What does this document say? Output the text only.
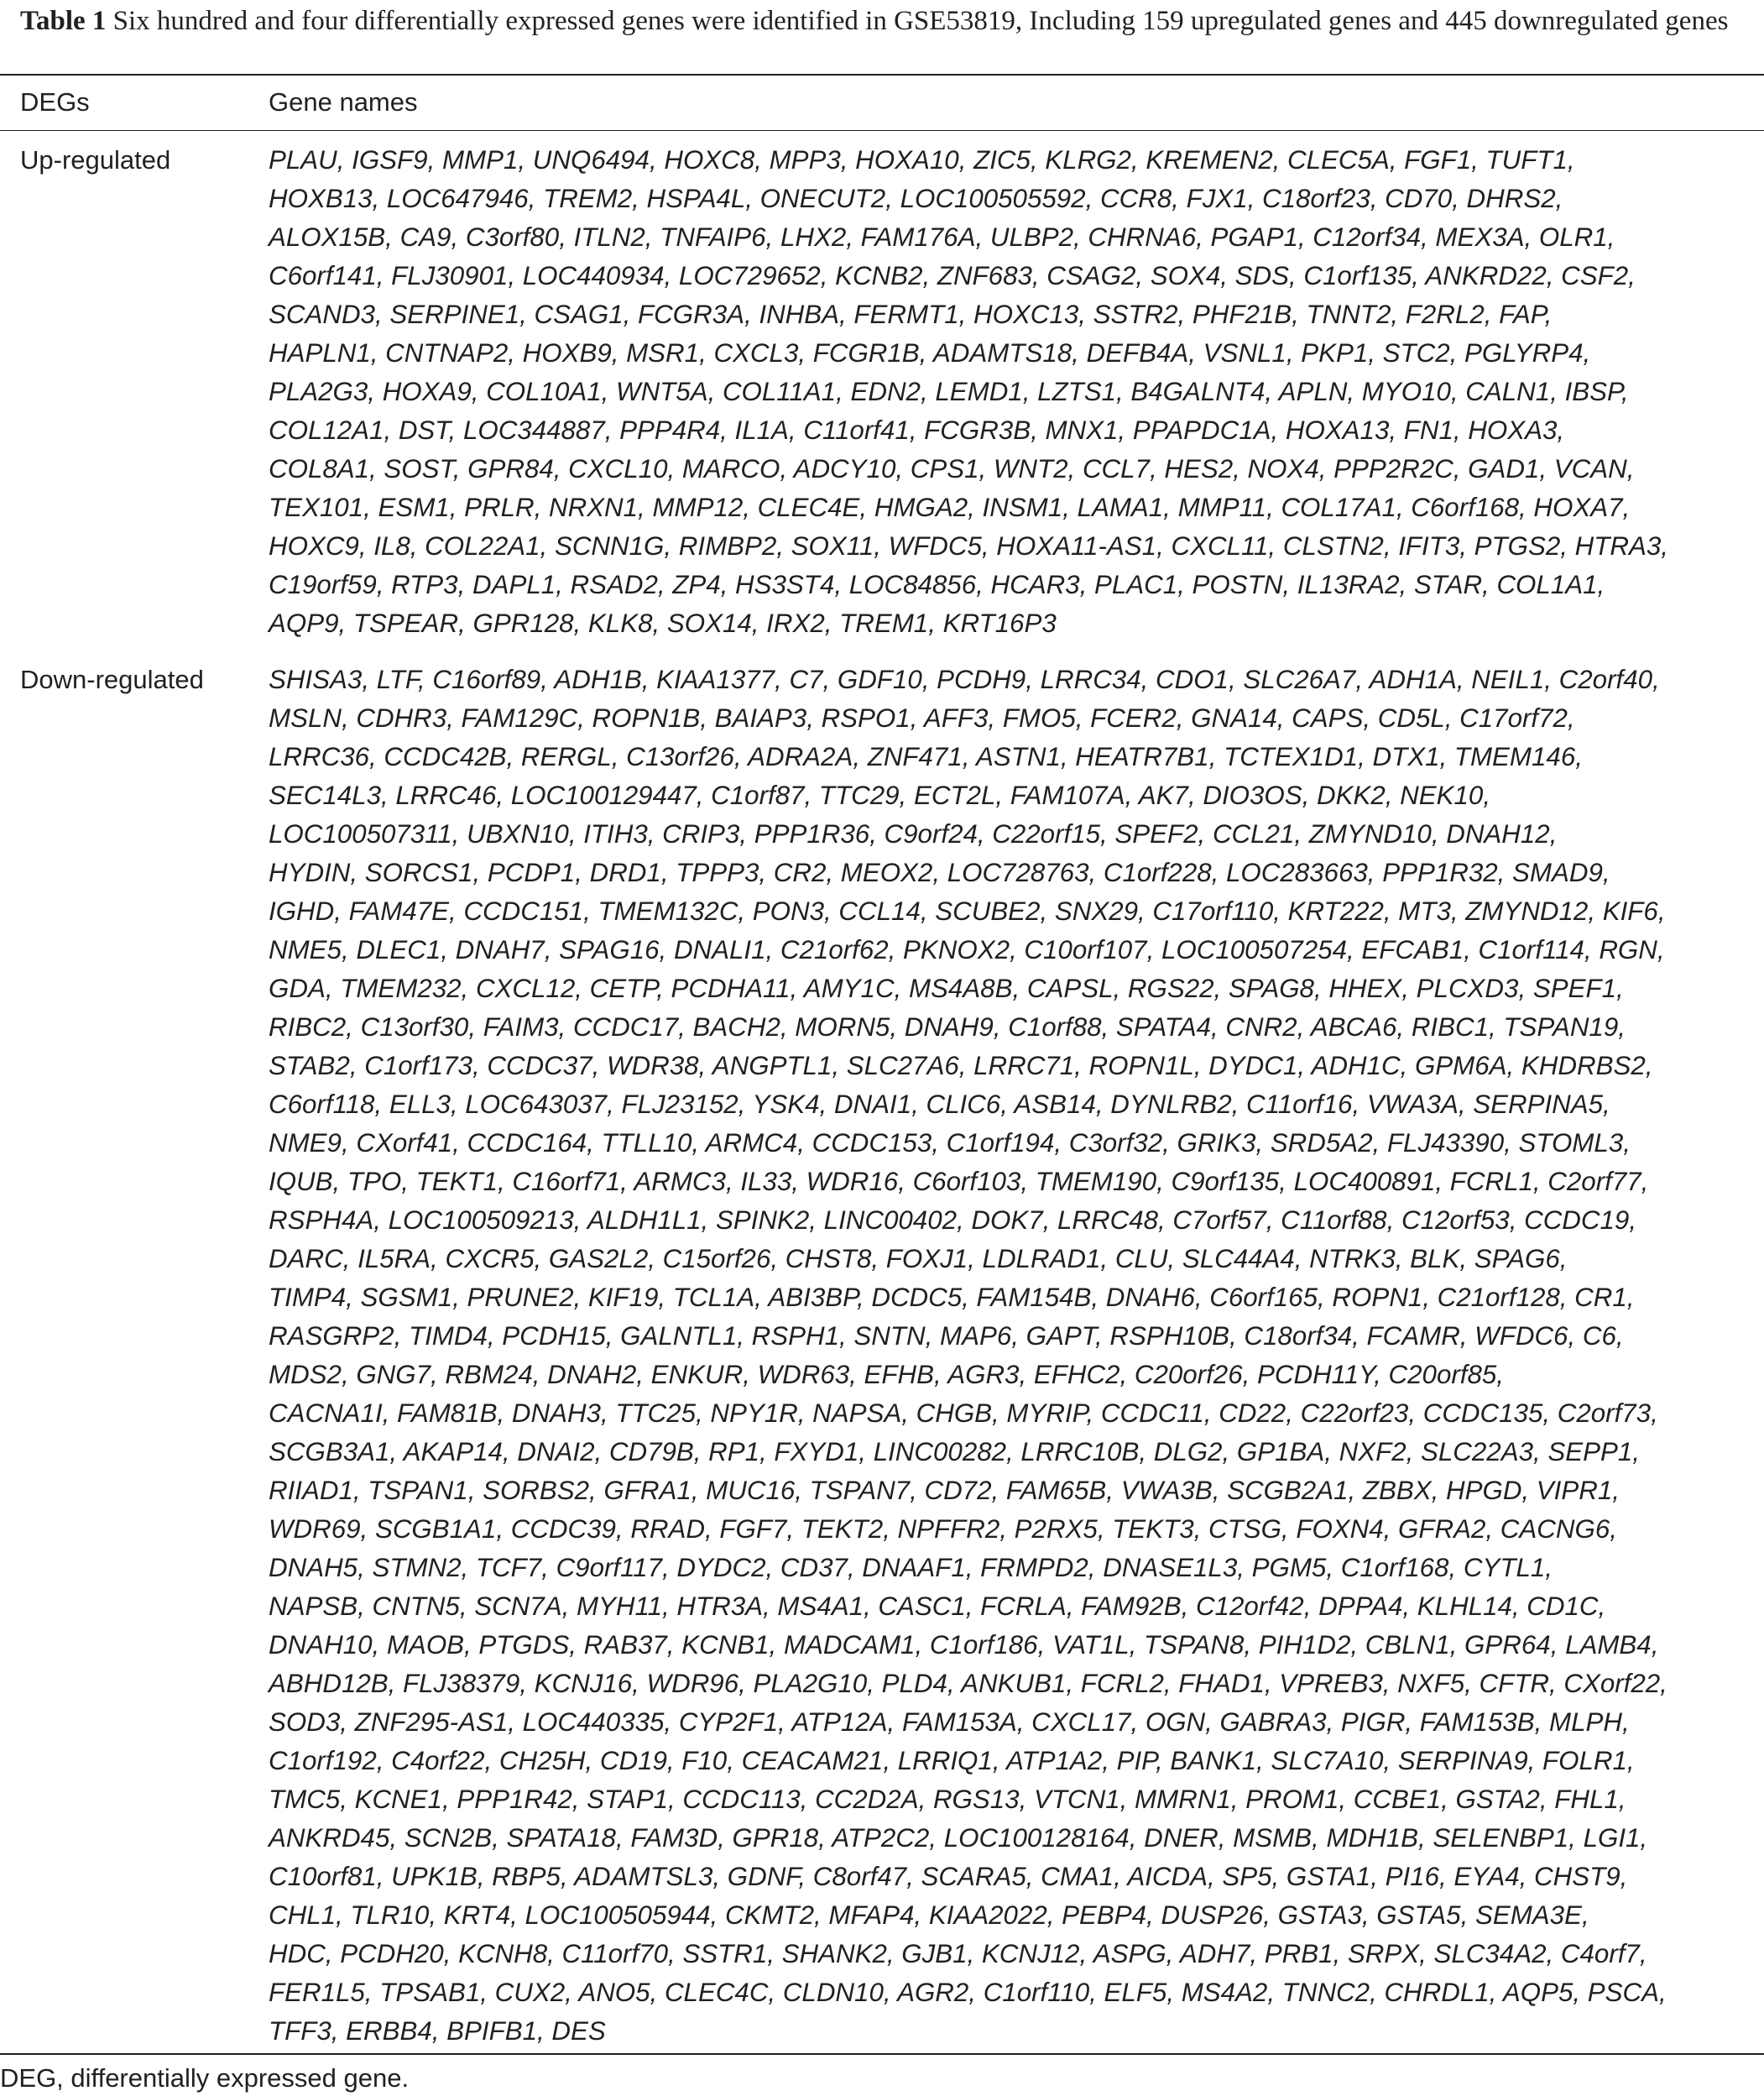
Table 1 Six hundred and four differentially expressed genes were identified in GSE53819, Including 159 upregulated genes and 445 downregulated genes
DEGs	Gene names
Up-regulated	PLAU, IGSF9, MMP1, UNQ6494, HOXC8, MPP3, HOXA10, ZIC5, KLRG2, KREMEN2, CLEC5A, FGF1, TUFT1,
HOXB13, LOC647946, TREM2, HSPA4L, ONECUT2, LOC100505592, CCR8, FJX1, C18orf23, CD70, DHRS2,
ALOX15B, CA9, C3orf80, ITLN2, TNFAIP6, LHX2, FAM176A, ULBP2, CHRNA6, PGAP1, C12orf34, MEX3A, OLR1,
C6orf141, FLJ30901, LOC440934, LOC729652, KCNB2, ZNF683, CSAG2, SOX4, SDS, C1orf135, ANKRD22, CSF2,
SCAND3, SERPINE1, CSAG1, FCGR3A, INHBA, FERMT1, HOXC13, SSTR2, PHF21B, TNNT2, F2RL2, FAP,
HAPLN1, CNTNAP2, HOXB9, MSR1, CXCL3, FCGR1B, ADAMTS18, DEFB4A, VSNL1, PKP1, STC2, PGLYRP4,
PLA2G3, HOXA9, COL10A1, WNT5A, COL11A1, EDN2, LEMD1, LZTS1, B4GALNT4, APLN, MYO10, CALN1, IBSP,
COL12A1, DST, LOC344887, PPP4R4, IL1A, C11orf41, FCGR3B, MNX1, PPAPDC1A, HOXA13, FN1, HOXA3,
COL8A1, SOST, GPR84, CXCL10, MARCO, ADCY10, CPS1, WNT2, CCL7, HES2, NOX4, PPP2R2C, GAD1, VCAN,
TEX101, ESM1, PRLR, NRXN1, MMP12, CLEC4E, HMGA2, INSM1, LAMA1, MMP11, COL17A1, C6orf168, HOXA7,
HOXC9, IL8, COL22A1, SCNN1G, RIMBP2, SOX11, WFDC5, HOXA11-AS1, CXCL11, CLSTN2, IFIT3, PTGS2, HTRA3,
C19orf59, RTP3, DAPL1, RSAD2, ZP4, HS3ST4, LOC84856, HCAR3, PLAC1, POSTN, IL13RA2, STAR, COL1A1,
AQP9, TSPEAR, GPR128, KLK8, SOX14, IRX2, TREM1, KRT16P3
Down-regulated SHISA3, LTF, C16orf89, ADH1B, KIAA1377, C7, GDF10, PCDH9, LRRC34, CDO1, SLC26A7, ADH1A, NEIL1, C2orf40,
MSLN, CDHR3, FAM129C, ROPN1B, BAIAP3, RSPO1, AFF3, FMO5, FCER2, GNA14, CAPS, CD5L, C17orf72,
LRRC36, CCDC42B, RERGL, C13orf26, ADRA2A, ZNF471, ASTN1, HEATR7B1, TCTEX1D1, DTX1, TMEM146,
SEC14L3, LRRC46, LOC100129447, C1orf87, TTC29, ECT2L, FAM107A, AK7, DIO3OS, DKK2, NEK10,
LOC100507311, UBXN10, ITIH3, CRIP3, PPP1R36, C9orf24, C22orf15, SPEF2, CCL21, ZMYND10, DNAH12,
HYDIN, SORCS1, PCDP1, DRD1, TPPP3, CR2, MEOX2, LOC728763, C1orf228, LOC283663, PPP1R32, SMAD9,
IGHD, FAM47E, CCDC151, TMEM132C, PON3, CCL14, SCUBE2, SNX29, C17orf110, KRT222, MT3, ZMYND12, KIF6,
NME5, DLEC1, DNAH7, SPAG16, DNALI1, C21orf62, PKNOX2, C10orf107, LOC100507254, EFCAB1, C1orf114, RGN,
GDA, TMEM232, CXCL12, CETP, PCDHA11, AMY1C, MS4A8B, CAPSL, RGS22, SPAG8, HHEX, PLCXD3, SPEF1,
RIBC2, C13orf30, FAIM3, CCDC17, BACH2, MORN5, DNAH9, C1orf88, SPATA4, CNR2, ABCA6, RIBC1, TSPAN19,
STAB2, C1orf173, CCDC37, WDR38, ANGPTL1, SLC27A6, LRRC71, ROPN1L, DYDC1, ADH1C, GPM6A, KHDRBS2,
C6orf118, ELL3, LOC643037, FLJ23152, YSK4, DNAI1, CLIC6, ASB14, DYNLRB2, C11orf16, VWA3A, SERPINA5,
NME9, CXorf41, CCDC164, TTLL10, ARMC4, CCDC153, C1orf194, C3orf32, GRIK3, SRD5A2, FLJ43390, STOML3,
IQUB, TPO, TEKT1, C16orf71, ARMC3, IL33, WDR16, C6orf103, TMEM190, C9orf135, LOC400891, FCRL1, C2orf77,
RSPH4A, LOC100509213, ALDH1L1, SPINK2, LINC00402, DOK7, LRRC48, C7orf57, C11orf88, C12orf53, CCDC19,
DARC, IL5RA, CXCR5, GAS2L2, C15orf26, CHST8, FOXJ1, LDLRAD1, CLU, SLC44A4, NTRK3, BLK, SPAG6,
TIMP4, SGSM1, PRUNE2, KIF19, TCL1A, ABI3BP, DCDC5, FAM154B, DNAH6, C6orf165, ROPN1, C21orf128, CR1,
RASGRP2, TIMD4, PCDH15, GALNTL1, RSPH1, SNTN, MAP6, GAPT, RSPH10B, C18orf34, FCAMR, WFDC6, C6,
MDS2, GNG7, RBM24, DNAH2, ENKUR, WDR63, EFHB, AGR3, EFHC2, C20orf26, PCDH11Y, C20orf85,
CACNA1I, FAM81B, DNAH3, TTC25, NPY1R, NAPSA, CHGB, MYRIP, CCDC11, CD22, C22orf23, CCDC135, C2orf73,
SCGB3A1, AKAP14, DNAI2, CD79B, RP1, FXYD1, LINC00282, LRRC10B, DLG2, GP1BA, NXF2, SLC22A3, SEPP1,
RIIAD1, TSPAN1, SORBS2, GFRA1, MUC16, TSPAN7, CD72, FAM65B, VWA3B, SCGB2A1, ZBBX, HPGD, VIPR1,
WDR69, SCGB1A1, CCDC39, RRAD, FGF7, TEKT2, NPFFR2, P2RX5, TEKT3, CTSG, FOXN4, GFRA2, CACNG6,
DNAH5, STMN2, TCF7, C9orf117, DYDC2, CD37, DNAAF1, FRMPD2, DNASE1L3, PGM5, C1orf168, CYTL1,
NAPSB, CNTN5, SCN7A, MYH11, HTR3A, MS4A1, CASC1, FCRLA, FAM92B, C12orf42, DPPA4, KLHL14, CD1C,
DNAH10, MAOB, PTGDS, RAB37, KCNB1, MADCAM1, C1orf186, VAT1L, TSPAN8, PIH1D2, CBLN1, GPR64, LAMB4,
ABHD12B, FLJ38379, KCNJ16, WDR96, PLA2G10, PLD4, ANKUB1, FCRL2, FHAD1, VPREB3, NXF5, CFTR, CXorf22,
SOD3, ZNF295-AS1, LOC440335, CYP2F1, ATP12A, FAM153A, CXCL17, OGN, GABRA3, PIGR, FAM153B, MLPH,
C1orf192, C4orf22, CH25H, CD19, F10, CEACAM21, LRRIQ1, ATP1A2, PIP, BANK1, SLC7A10, SERPINA9, FOLR1,
TMC5, KCNE1, PPP1R42, STAP1, CCDC113, CC2D2A, RGS13, VTCN1, MMRN1, PROM1, CCBE1, GSTA2, FHL1,
ANKRD45, SCN2B, SPATA18, FAM3D, GPR18, ATP2C2, LOC100128164, DNER, MSMB, MDH1B, SELENBP1, LGI1,
C10orf81, UPK1B, RBP5, ADAMTSL3, GDNF, C8orf47, SCARA5, CMA1, AICDA, SP5, GSTA1, PI16, EYA4, CHST9,
CHL1, TLR10, KRT4, LOC100505944, CKMT2, MFAP4, KIAA2022, PEBP4, DUSP26, GSTA3, GSTA5, SEMA3E,
HDC, PCDH20, KCNH8, C11orf70, SSTR1, SHANK2, GJB1, KCNJ12, ASPG, ADH7, PRB1, SRPX, SLC34A2, C4orf7,
FER1L5, TPSAB1, CUX2, ANO5, CLEC4C, CLDN10, AGR2, C1orf110, ELF5, MS4A2, TNNC2, CHRDL1, AQP5, PSCA,
TFF3, ERBB4, BPIFB1, DES
DEG, differentially expressed gene.
